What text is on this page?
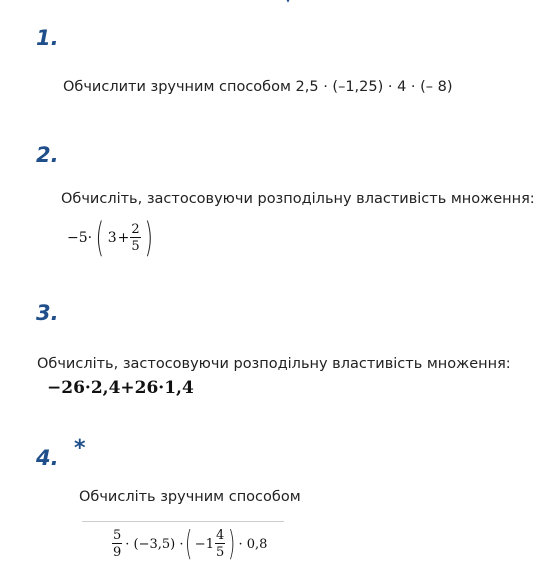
1.
Обчислити зручним способом 2,5 · (–1,25) · 4 · (– 8)
2.
Обчисліть, застосовуючи розподільну властивість множення:
−5· ( $3 + \frac{2}{5}$ )
3.
Обчисліть, застосовуючи розподільну властивість множення:
−26·2,4+26·1,4
4. *
Обчисліть зручним способом
$\frac{5}{9} \cdot (-3,5)$ · ( $-1 \frac{4}{5}$ ) · 0,8
